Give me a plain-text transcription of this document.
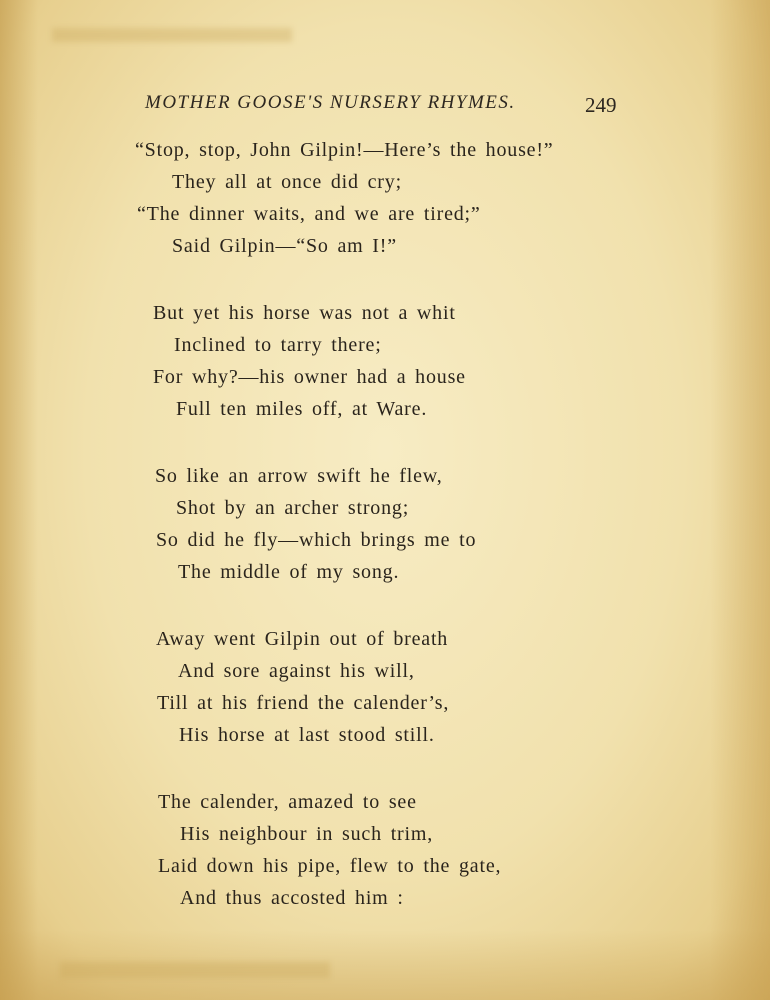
MOTHER GOOSE'S NURSERY RHYMES.	249
“Stop, stop, John Gilpin!—Here’s the house!”
They all at once did cry;
“The dinner waits, and we are tired;”
Said Gilpin—“So am I!”
But yet his horse was not a whit
Inclined to tarry there;
For why?—his owner had a house
Full ten miles off, at Ware.
So like an arrow swift he flew,
Shot by an archer strong;
So did he fly—which brings me to
The middle of my song.
Away went Gilpin out of breath
And sore against his will,
Till at his friend the calender’s,
His horse at last stood still.
The calender, amazed to see
His neighbour in such trim,
Laid down his pipe, flew to the gate,
And thus accosted him :
